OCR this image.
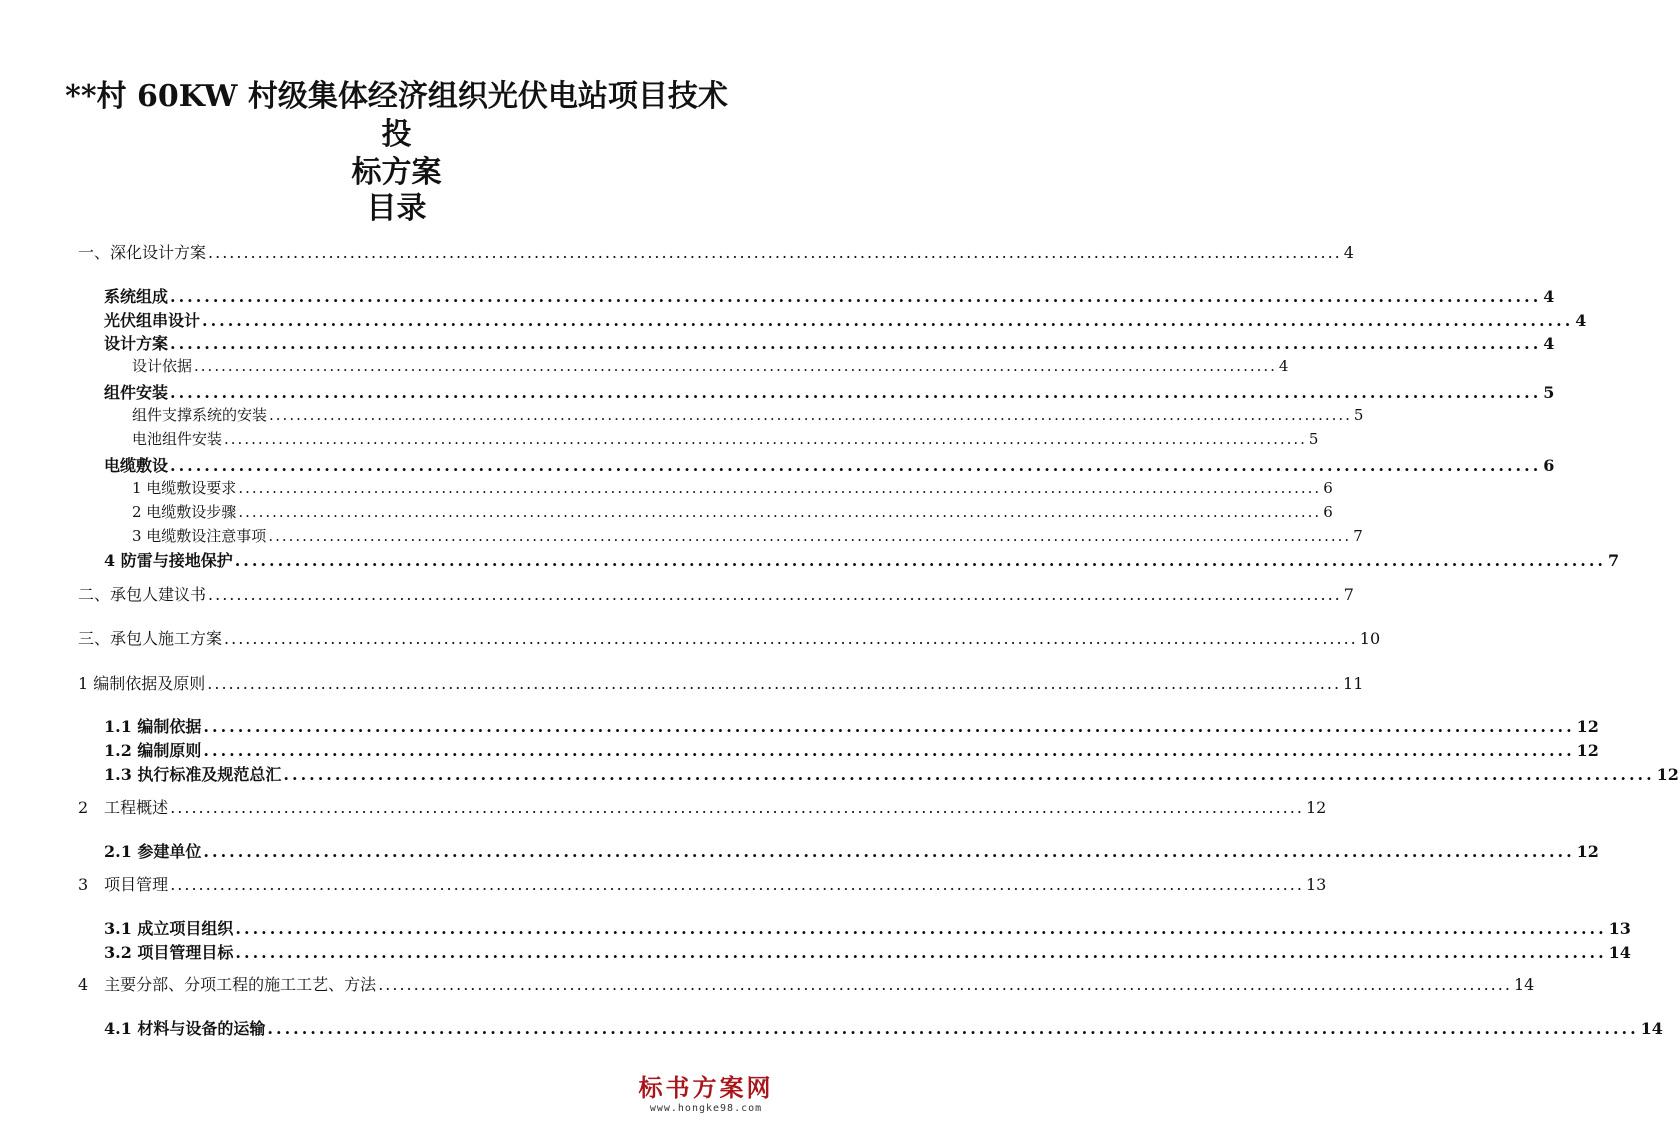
**村 60KW 村级集体经济组织光伏电站项目技术投
标方案
目录
一、深化设计方案 ................................................................................................................................................................ 4
系统组成 ................................................................................................................................................................ 4
光伏组串设计 ................................................................................................................................................................ 4
设计方案 ................................................................................................................................................................ 4
设计依据 ................................................................................................................................................................ 4
组件安装 ................................................................................................................................................................ 5
组件支撑系统的安装 ................................................................................................................................................................ 5
电池组件安装 ................................................................................................................................................................ 5
电缆敷设 ................................................................................................................................................................ 6
1 电缆敷设要求 ................................................................................................................................................................ 6
2 电缆敷设步骤 ................................................................................................................................................................ 6
3 电缆敷设注意事项 ................................................................................................................................................................ 7
4 防雷与接地保护 ................................................................................................................................................................ 7
二、承包人建议书 ................................................................................................................................................................ 7
三、承包人施工方案 ................................................................................................................................................................ 10
1 编制依据及原则 ................................................................................................................................................................ 11
1.1 编制依据 ................................................................................................................................................................ 12
1.2 编制原则 ................................................................................................................................................................ 12
1.3 执行标准及规范总汇 ................................................................................................................................................................ 12
2　工程概述 ................................................................................................................................................................ 12
2.1 参建单位 ................................................................................................................................................................ 12
3　项目管理 ................................................................................................................................................................ 13
3.1 成立项目组织 ................................................................................................................................................................ 13
3.2 项目管理目标 ................................................................................................................................................................ 14
4　主要分部、分项工程的施工工艺、方法 ................................................................................................................................................................ 14
4.1 材料与设备的运输 ................................................................................................................................................................ 14
标书方案网
www.hongke98.com
